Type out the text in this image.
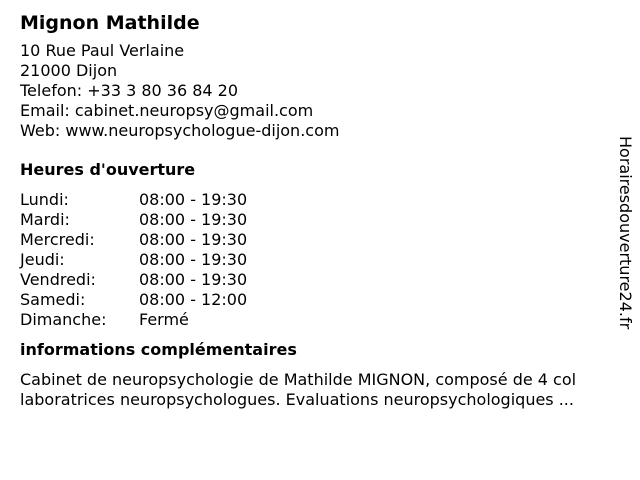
Mignon Mathilde
10 Rue Paul Verlaine
21000 Dijon
Telefon: +33 3 80 36 84 20
Email: cabinet.neuropsy@gmail.com
Web: www.neuropsychologue-dijon.com
Heures d'ouverture
Lundi:	08:00 - 19:30
Mardi:	08:00 - 19:30
Mercredi:	08:00 - 19:30
Jeudi:	08:00 - 19:30
Vendredi:	08:00 - 19:30
Samedi:	08:00 - 12:00
Dimanche:	Fermé
informations complémentaires
Cabinet de neuropsychologie de Mathilde MIGNON, composé de 4 col
laboratrices neuropsychologues. Evaluations neuropsychologiques ...
Horairesdouverture24.fr
